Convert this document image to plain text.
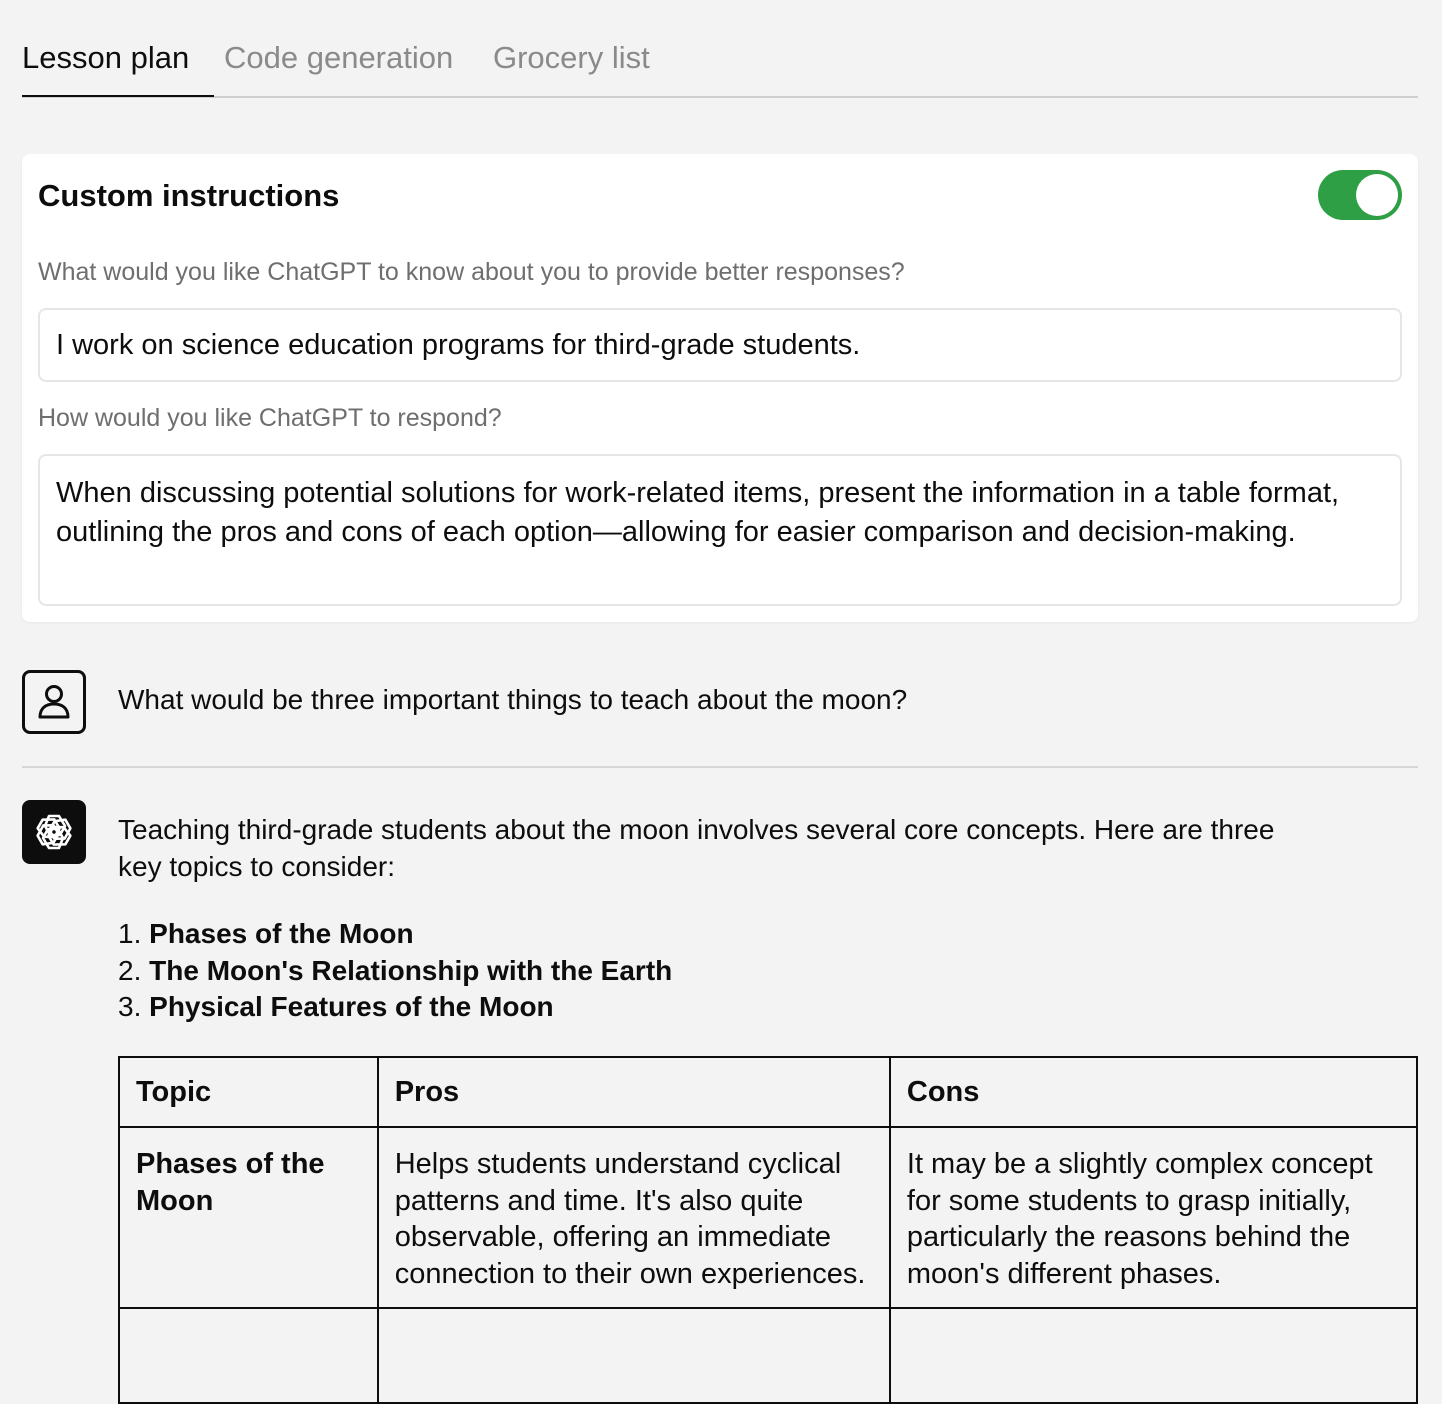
Lesson plan Code generation Grocery list
Custom instructions
What would you like ChatGPT to know about you to provide better responses?
I work on science education programs for third-grade students.
How would you like ChatGPT to respond?
When discussing potential solutions for work-related items, present the information in a table format, outlining the pros and cons of each option—allowing for easier comparison and decision-making.
What would be three important things to teach about the moon?
Teaching third-grade students about the moon involves several core concepts. Here are three key topics to consider:
1. Phases of the Moon
2. The Moon's Relationship with the Earth
3. Physical Features of the Moon
Topic	Pros	Cons
Phases of the Moon	Helps students understand cyclical patterns and time. It's also quite observable, offering an immediate connection to their own experiences.	It may be a slightly complex concept for some students to grasp initially, particularly the reasons behind the moon's different phases.
